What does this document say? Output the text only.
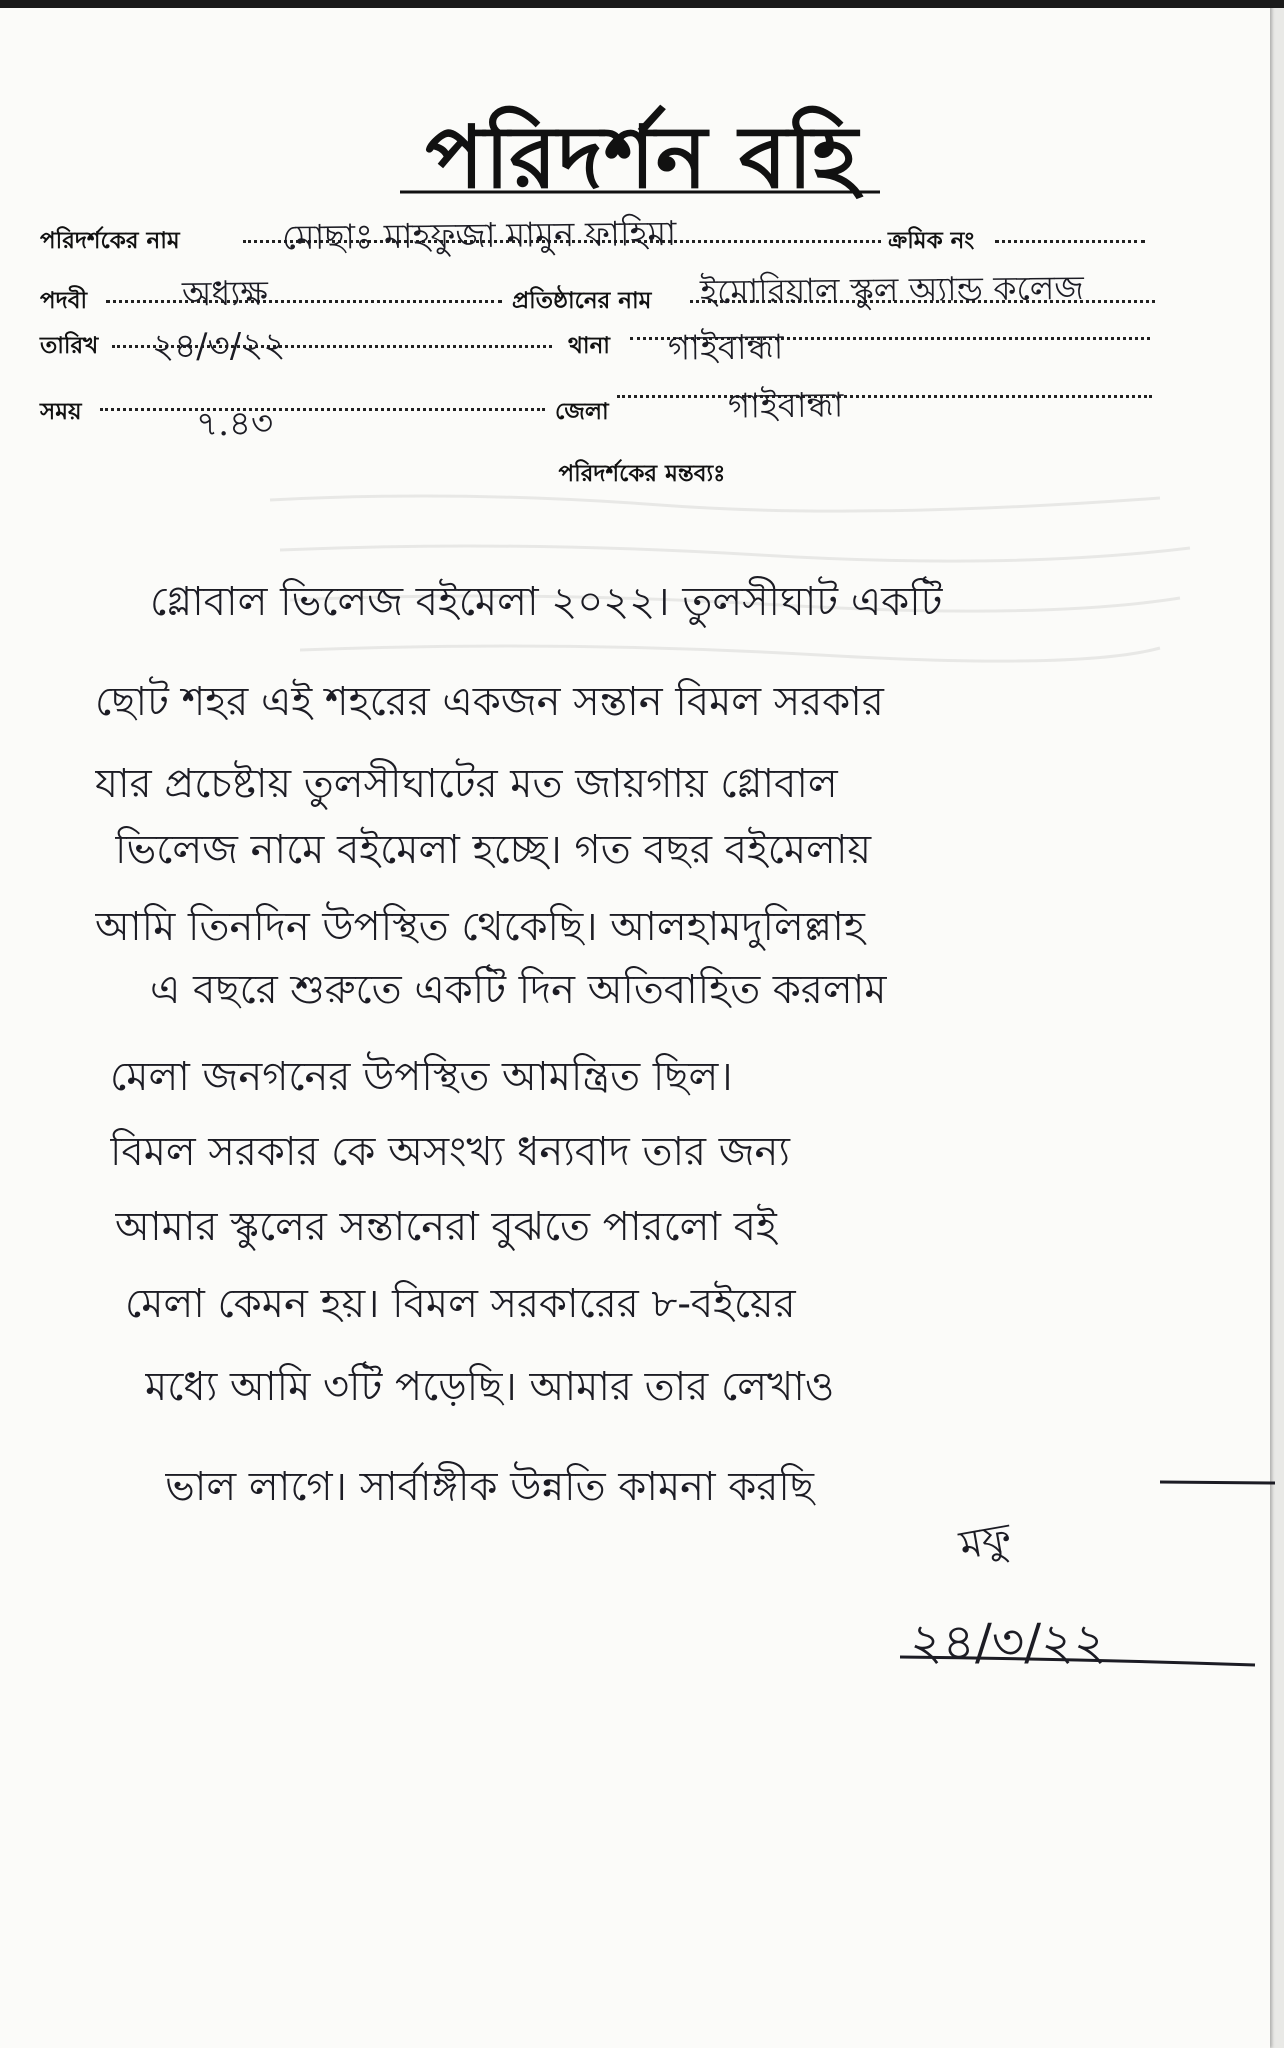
পরিদর্শন বহি
পরিদর্শকের নাম	মোছাঃ মাহফুজা মামুন ফাহিমা	ক্রমিক নং
পদবী	অধ্যক্ষ	প্রতিষ্ঠানের নাম ইমোরিয়াল স্কুল অ্যান্ড কলেজ
তারিখ ২৪/৩/২২	থানা গাইবান্ধা
সময়	৭.৪৩	জেলা	গাইবান্ধা
পরিদর্শকের মন্তব্যঃ
গ্লোবাল ভিলেজ বইমেলা ২০২২। তুলসীঘাট একটি
ছোট শহর এই শহরের একজন সন্তান বিমল সরকার
যার প্রচেষ্টায় তুলসীঘাটের মত জায়গায় গ্লোবাল
ভিলেজ নামে বইমেলা হচ্ছে। গত বছর বইমেলায়
আমি তিনদিন উপস্থিত থেকেছি। আলহামদুলিল্লাহ
এ বছরে শুরুতে একটি দিন অতিবাহিত করলাম
মেলা জনগনের উপস্থিত আমন্ত্রিত ছিল।
বিমল সরকার কে অসংখ্য ধন্যবাদ তার জন্য
আমার স্কুলের সন্তানেরা বুঝতে পারলো বই
মেলা কেমন হয়। বিমল সরকারের ৮-বইয়ের
মধ্যে আমি ৩টি পড়েছি। আমার তার লেখাও
ভাল লাগে। সার্বাঙ্গীক উন্নতি কামনা করছি
মফু
২৪/৩/২২
